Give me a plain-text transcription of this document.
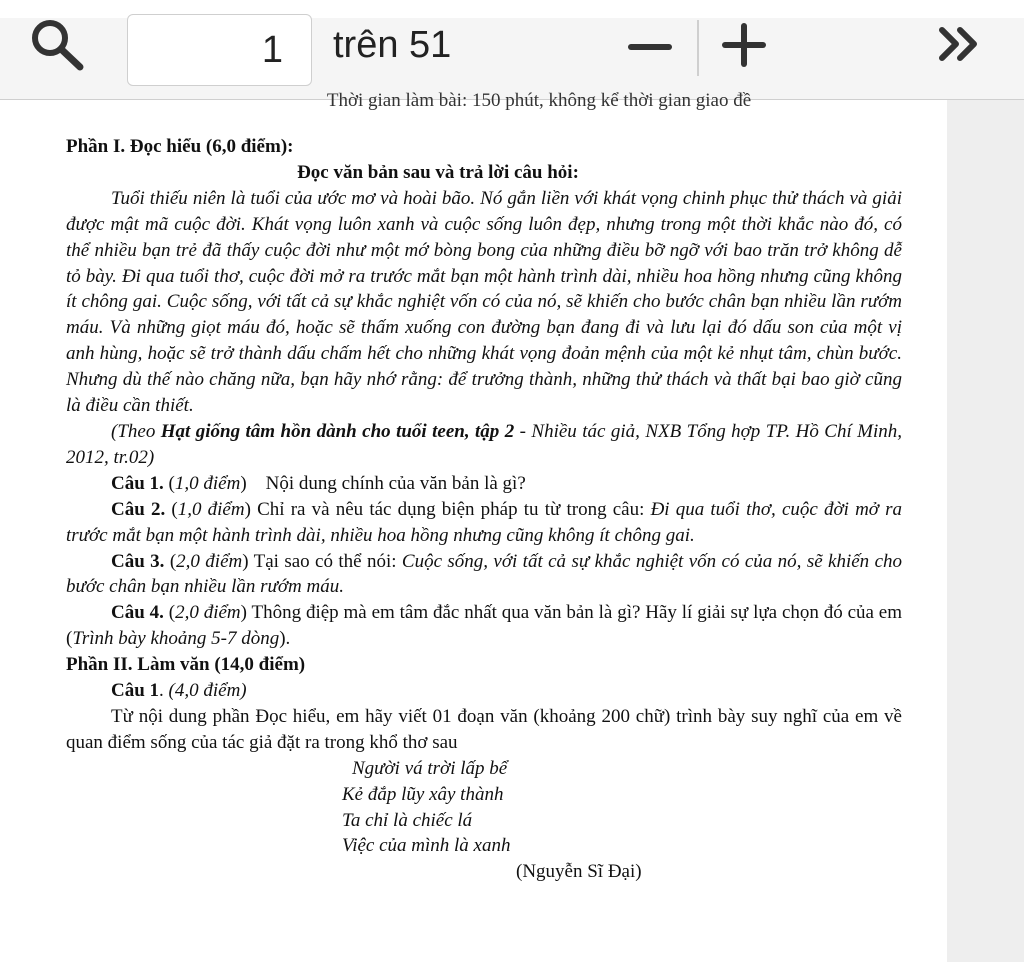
1
trên 51

Thời gian làm bài: 150 phút, không kể thời gian giao đề

Phần I. Đọc hiểu (6,0 điểm):

Đọc văn bản sau và trả lời câu hỏi:

Tuổi thiếu niên là tuổi của ước mơ và hoài bão. Nó gắn liền với khát vọng chinh phục thử thách và giải được mật mã cuộc đời. Khát vọng luôn xanh và cuộc sống luôn đẹp, nhưng trong một thời khắc nào đó, có thể nhiều bạn trẻ đã thấy cuộc đời như một mớ bòng bong của những điều bỡ ngỡ với bao trăn trở không dễ tỏ bày. Đi qua tuổi thơ, cuộc đời mở ra trước mắt bạn một hành trình dài, nhiều hoa hồng nhưng cũng không ít chông gai. Cuộc sống, với tất cả sự khắc nghiệt vốn có của nó, sẽ khiến cho bước chân bạn nhiều lần rướm máu. Và những giọt máu đó, hoặc sẽ thấm xuống con đường bạn đang đi và lưu lại đó dấu son của một vị anh hùng, hoặc sẽ trở thành dấu chấm hết cho những khát vọng đoản mệnh của một kẻ nhụt tâm, chùn bước. Nhưng dù thế nào chăng nữa, bạn hãy nhớ rằng: để trưởng thành, những thử thách và thất bại bao giờ cũng là điều cần thiết.

(Theo Hạt giống tâm hồn dành cho tuổi teen, tập 2 - Nhiều tác giả, NXB Tổng hợp TP. Hồ Chí Minh, 2012, tr.02)

Câu 1. (1,0 điểm)    Nội dung chính của văn bản là gì?

Câu 2. (1,0 điểm) Chỉ ra và nêu tác dụng biện pháp tu từ trong câu: Đi qua tuổi thơ, cuộc đời mở ra trước mắt bạn một hành trình dài, nhiều hoa hồng nhưng cũng không ít chông gai.

Câu 3. (2,0 điểm) Tại sao có thể nói: Cuộc sống, với tất cả sự khắc nghiệt vốn có của nó, sẽ khiến cho bước chân bạn nhiều lần rướm máu.

Câu 4. (2,0 điểm) Thông điệp mà em tâm đắc nhất qua văn bản là gì? Hãy lí giải sự lựa chọn đó của em (Trình bày khoảng 5-7 dòng).

Phần II. Làm văn (14,0 điểm)

Câu 1. (4,0 điểm)

Từ nội dung phần Đọc hiểu, em hãy viết 01 đoạn văn (khoảng 200 chữ) trình bày suy nghĩ của em về quan điểm sống của tác giả đặt ra trong khổ thơ sau

Người vá trời lấp bể

Kẻ đắp lũy xây thành

Ta chỉ là chiếc lá

Việc của mình là xanh

(Nguyễn Sĩ Đại)
